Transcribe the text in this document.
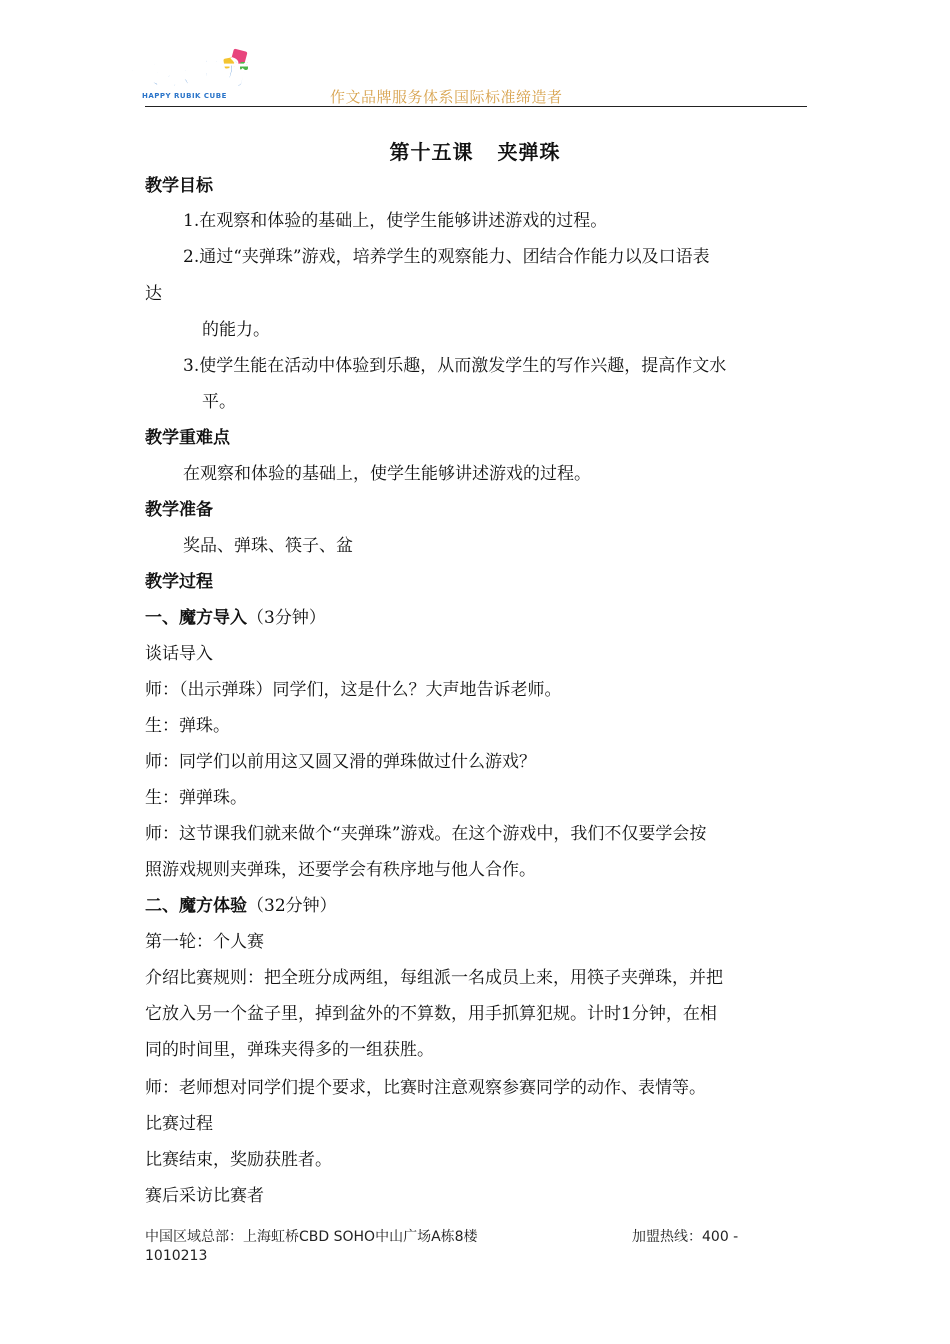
快乐魔方
HAPPY RUBIK CUBE	作文品牌服务体系国际标准缔造者
第十五课 夹弹珠
教学目标
1.在观察和体验的基础上，使学生能够讲述游戏的过程。
2.通过“夹弹珠”游戏，培养学生的观察能力、团结合作能力以及口语表
达
的能力。
3.使学生能在活动中体验到乐趣，从而激发学生的写作兴趣，提高作文水
平。
教学重难点
在观察和体验的基础上，使学生能够讲述游戏的过程。
教学准备
奖品、弹珠、筷子、盆
教学过程
一、魔方导入（3分钟）
谈话导入
师：（出示弹珠）同学们，这是什么？大声地告诉老师。
生：弹珠。
师：同学们以前用这又圆又滑的弹珠做过什么游戏？
生：弹弹珠。
师：这节课我们就来做个“夹弹珠”游戏。在这个游戏中，我们不仅要学会按
照游戏规则夹弹珠，还要学会有秩序地与他人合作。
二、魔方体验（32分钟）
第一轮：个人赛
介绍比赛规则：把全班分成两组，每组派一名成员上来，用筷子夹弹珠，并把
它放入另一个盆子里，掉到盆外的不算数，用手抓算犯规。计时1分钟，在相
同的时间里，弹珠夹得多的一组获胜。
师：老师想对同学们提个要求，比赛时注意观察参赛同学的动作、表情等。
比赛过程
比赛结束，奖励获胜者。
赛后采访比赛者
中国区域总部：上海虹桥CBD SOHO中山广场A栋8楼	加盟热线：400 -
1010213
